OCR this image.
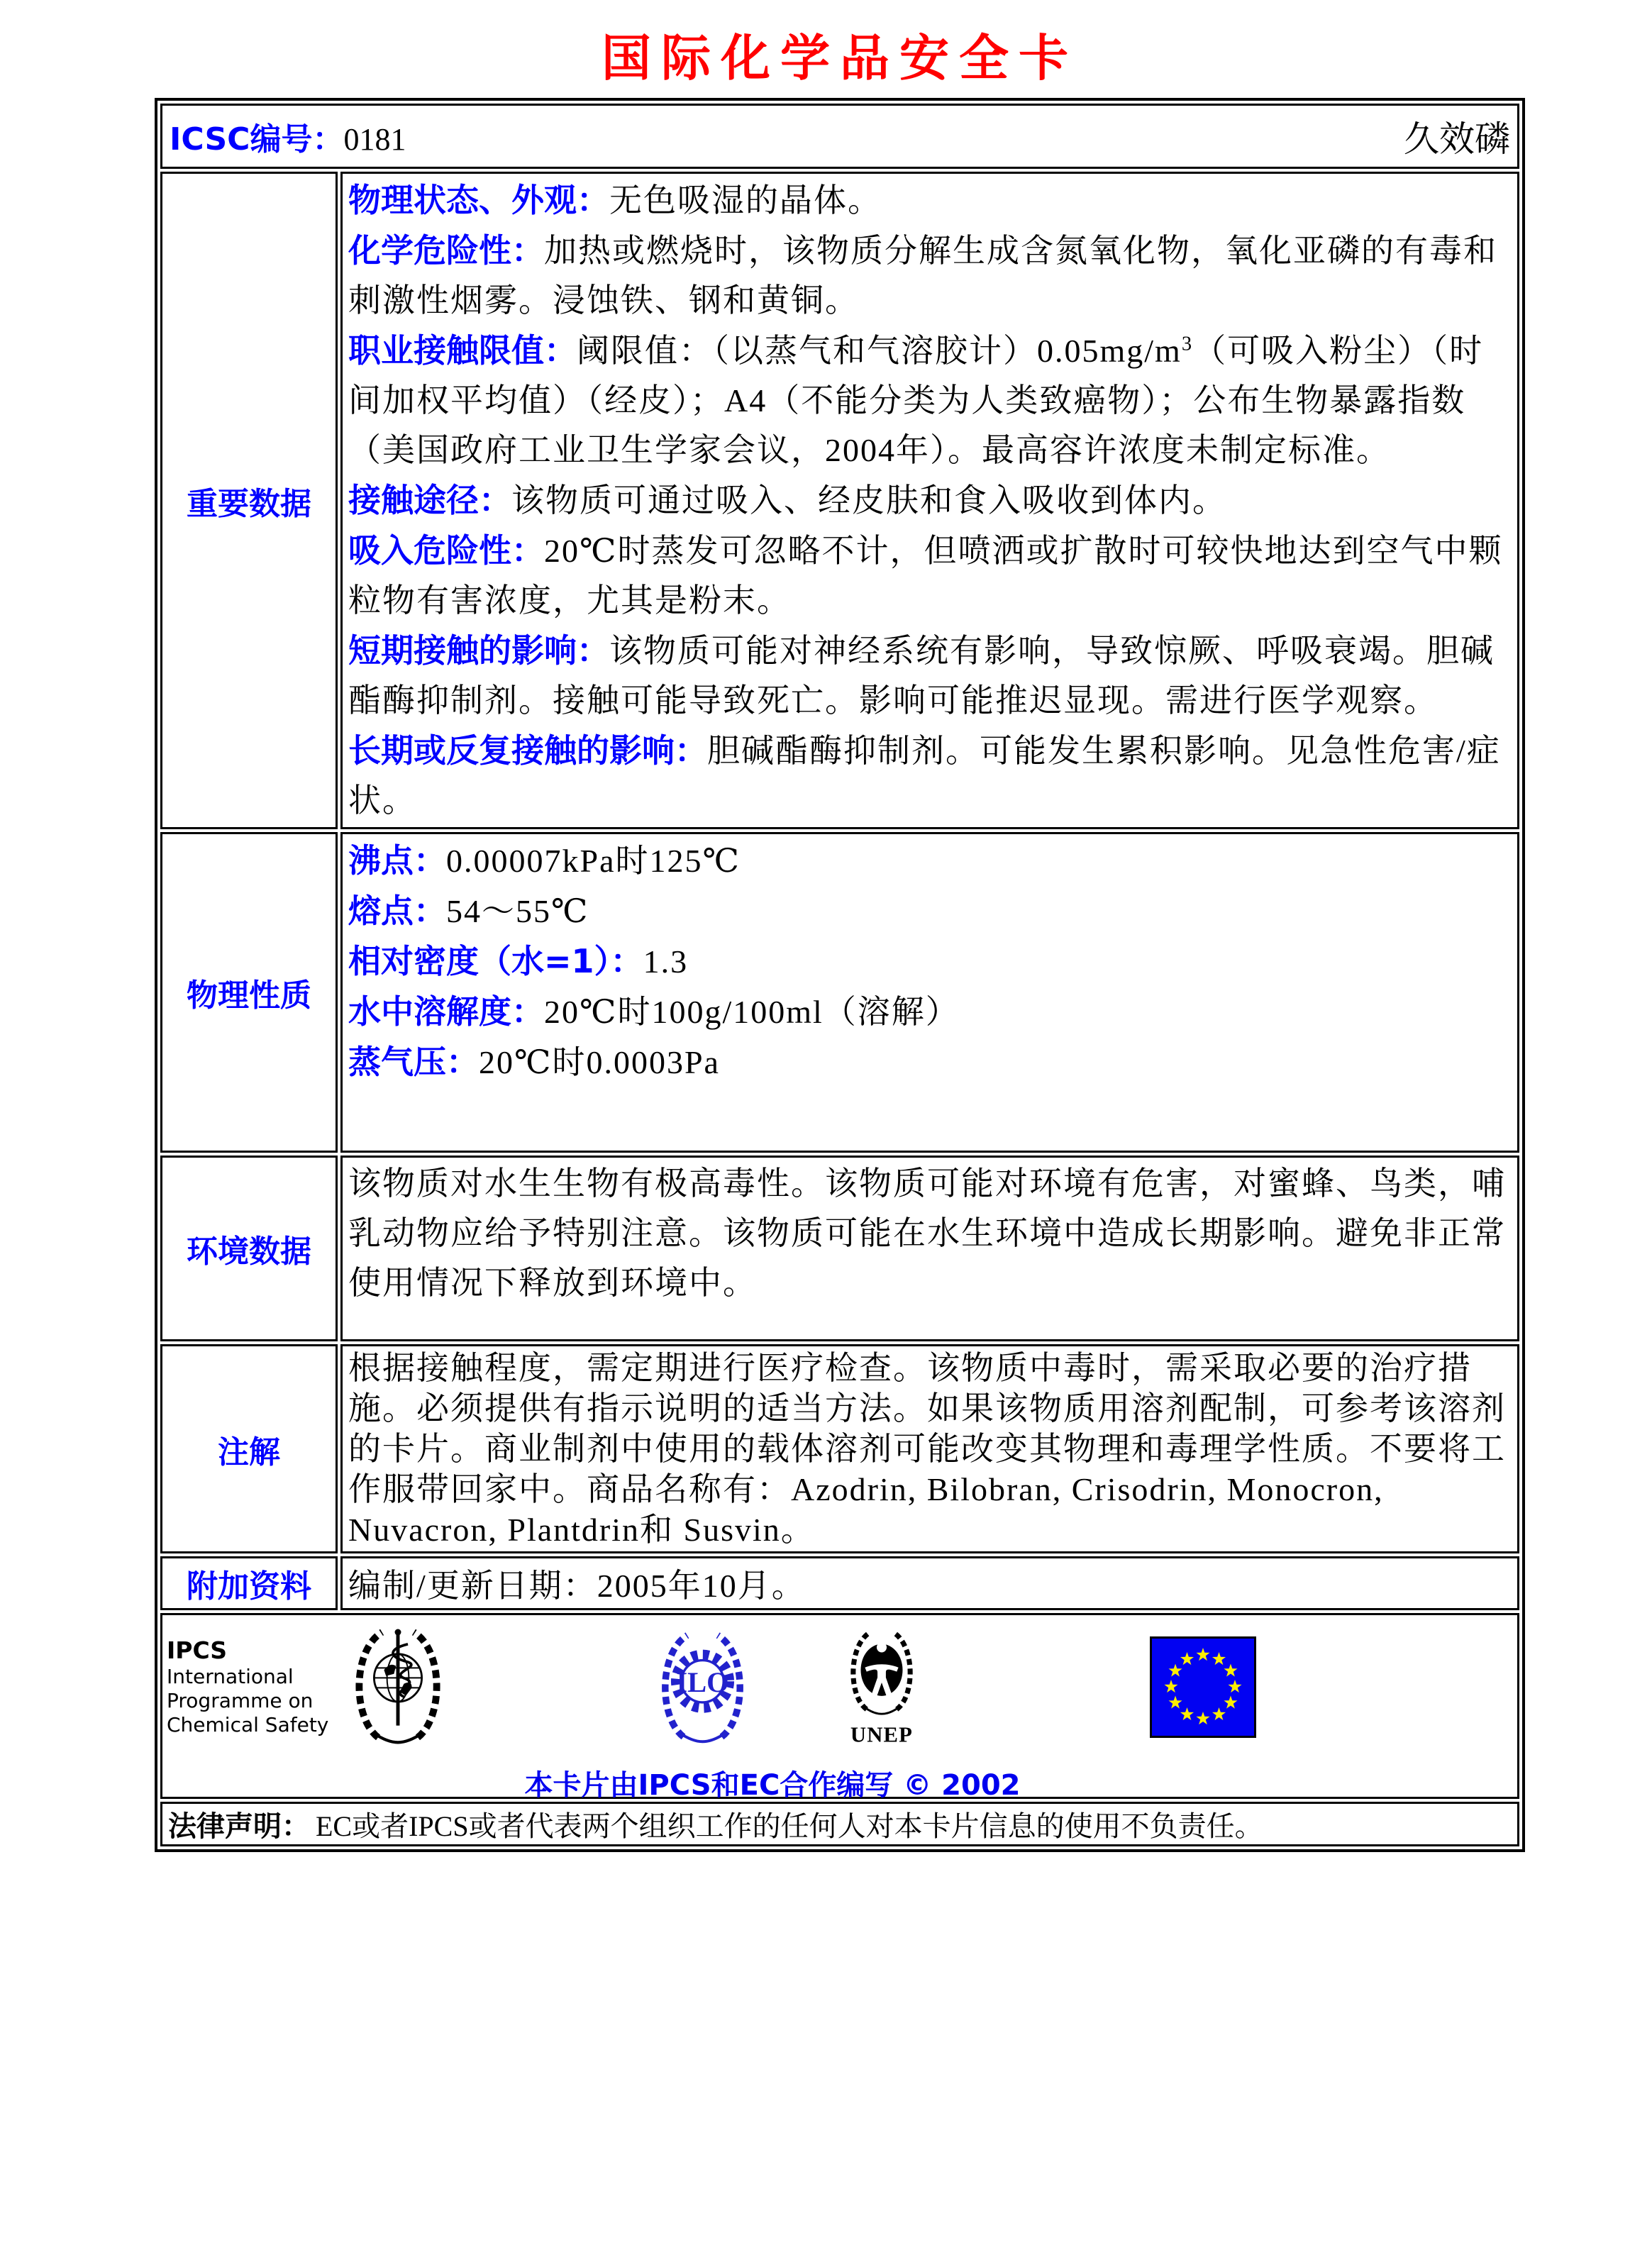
国际化学品安全卡
ICSC编号：0181	久效磷
重要数据
物理状态、外观：无色吸湿的晶体。
化学危险性：加热或燃烧时，该物质分解生成含氮氧化物，氧化亚磷的有毒和刺激性烟雾。浸蚀铁、钢和黄铜。
职业接触限值：阈限值：（以蒸气和气溶胶计）$0.05mg/m^3$（可吸入粉尘）（时间加权平均值）（经皮）；A4（不能分类为人类致癌物）；公布生物暴露指数（美国政府工业卫生学家会议，2004年）。最高容许浓度未制定标准。
接触途径：该物质可通过吸入、经皮肤和食入吸收到体内。
吸入危险性：20℃时蒸发可忽略不计，但喷洒或扩散时可较快地达到空气中颗粒物有害浓度，尤其是粉末。
短期接触的影响：该物质可能对神经系统有影响，导致惊厥、呼吸衰竭。胆碱酯酶抑制剂。接触可能导致死亡。影响可能推迟显现。需进行医学观察。
长期或反复接触的影响：胆碱酯酶抑制剂。可能发生累积影响。见急性危害/症状。
物理性质
沸点：0.00007kPa时125℃
熔点：54～55℃
相对密度（水=1）：1.3
水中溶解度：20℃时100g/100ml（溶解）
蒸气压：20℃时0.0003Pa
环境数据
该物质对水生生物有极高毒性。该物质可能对环境有危害，对蜜蜂、鸟类，哺乳动物应给予特别注意。该物质可能在水生环境中造成长期影响。避免非正常使用情况下释放到环境中。
注解
根据接触程度，需定期进行医疗检查。该物质中毒时，需采取必要的治疗措施。必须提供有指示说明的适当方法。如果该物质用溶剂配制，可参考该溶剂的卡片。商业制剂中使用的载体溶剂可能改变其物理和毒理学性质。不要将工作服带回家中。商品名称有：Azodrin, Bilobran, Crisodrin, Monocron, Nuvacron, Plantdrin和 Susvin。
附加资料 编制/更新日期：2005年10月。
IPCS
International
Programme on
Chemical Safety
ILO
UNEP
本卡片由IPCS和EC合作编写 © 2002
法律声明： EC或者IPCS或者代表两个组织工作的任何人对本卡片信息的使用不负责任。
